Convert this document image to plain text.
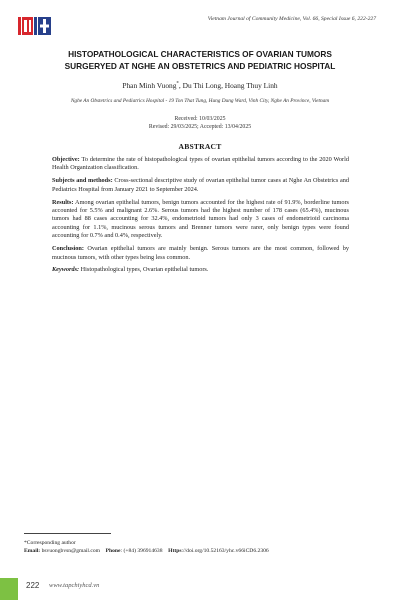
Vietnam Journal of Community Medicine, Vol. 66, Special Issue 6, 222-227
HISTOPATHOLOGICAL CHARACTERISTICS OF OVARIAN TUMORS
SURGERYED AT NGHE AN OBSTETRICS AND PEDIATRIC HOSPITAL
Phan Minh Vuong*, Du Thi Long, Hoang Thuy Linh
Nghe An Obstetrics and Pediatrics Hospital - 19 Ton That Tung, Hung Dung Ward, Vinh City, Nghe An Province, Vietnam
Received: 10/03/2025
Revised: 29/03/2025; Accepted: 13/04/2025
ABSTRACT

Objective: To determine the rate of histopathological types of ovarian epithelial tumors according to the 2020 World Health Organization classification.

Subjects and methods: Cross-sectional descriptive study of ovarian epithelial tumor cases at Nghe An Obstetrics and Pediatrics Hospital from January 2021 to September 2024.

Results: Among ovarian epithelial tumors, benign tumors accounted for the highest rate of 91.9%, borderline tumors accounted for 5.5% and malignant 2.6%. Serous tumors had the highest number of 178 cases (65.4%), mucinous tumors had 88 cases accounting for 32.4%, endometrioid tumors had only 3 cases of endometrioid carcinoma accounting for 1.1%, mucinous serous tumors and Brenner tumors were rarer, only benign types were found accounting for 0.7% and 0.4%, respectively.

Conclusion: Ovarian epithelial tumors are mainly benign. Serous tumors are the most common, followed by mucinous tumors, with other types being less common.

Keywords: Histopathological types, Ovarian epithelial tumors.

*Corresponding author
Email: bsvuongbvsn@gmail.com Phone: (+84) 396914638 Https://doi.org/10.52163/yhc.v66iCD6.2306
222 www.tapchiyhcd.vn
